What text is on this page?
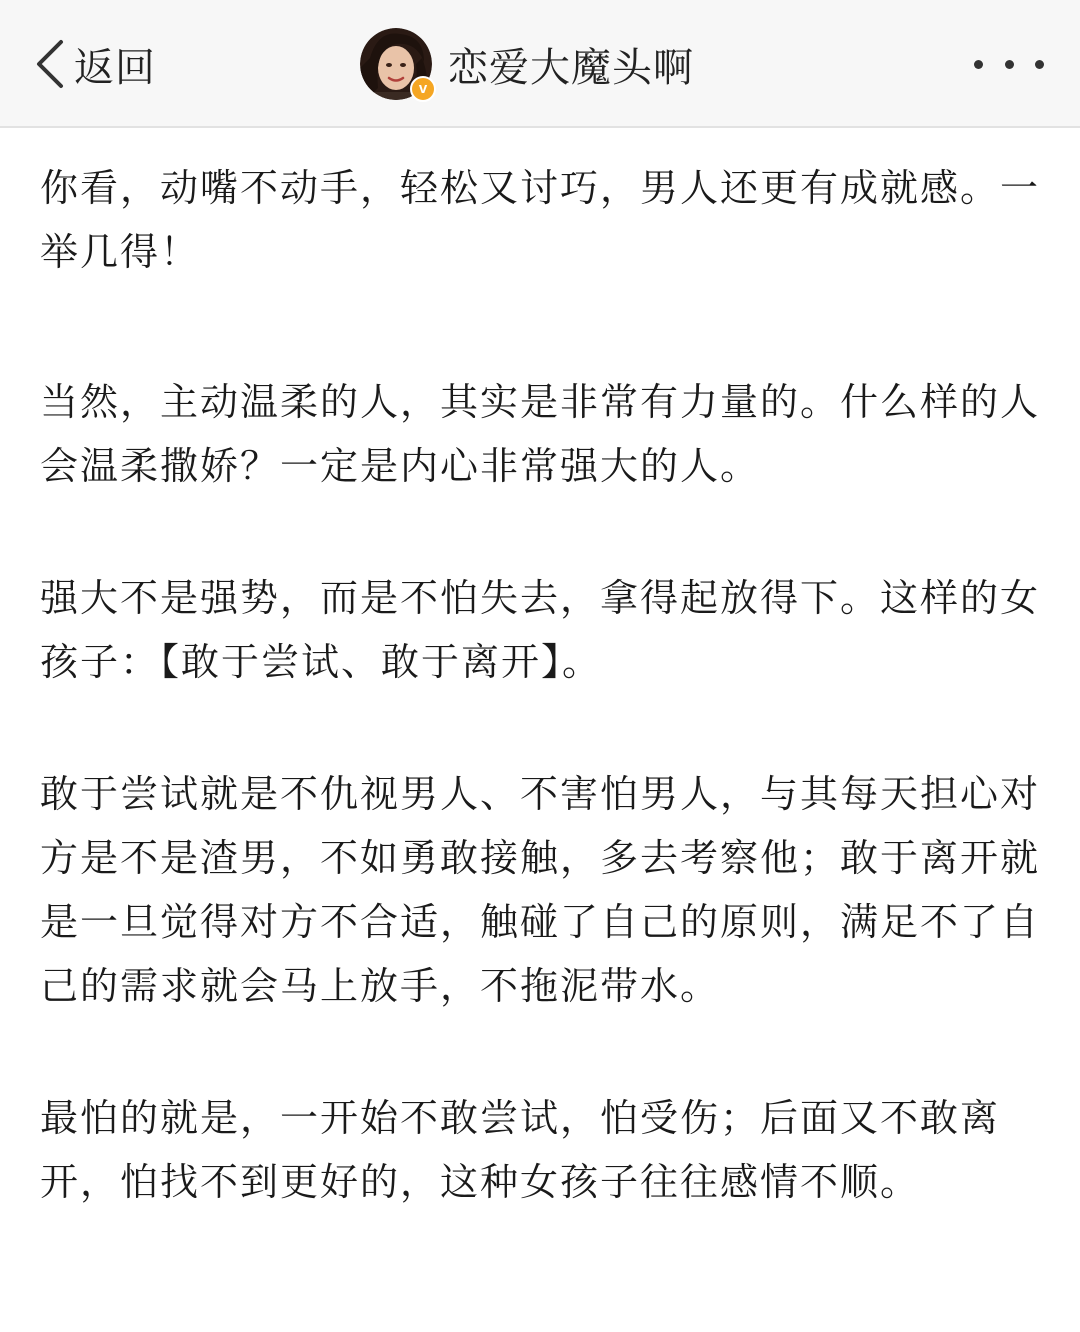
返回	v 恋爱大魔头啊

你看，动嘴不动手，轻松又讨巧，男人还更有成就感。一举几得！

当然，主动温柔的人，其实是非常有力量的。什么样的人会温柔撒娇？一定是内心非常强大的人。

强大不是强势，而是不怕失去，拿得起放得下。这样的女孩子：【敢于尝试、敢于离开】。

敢于尝试就是不仇视男人、不害怕男人，与其每天担心对方是不是渣男，不如勇敢接触，多去考察他；敢于离开就是一旦觉得对方不合适，触碰了自己的原则，满足不了自己的需求就会马上放手，不拖泥带水。

最怕的就是，一开始不敢尝试，怕受伤；后面又不敢离开，怕找不到更好的，这种女孩子往往感情不顺。
